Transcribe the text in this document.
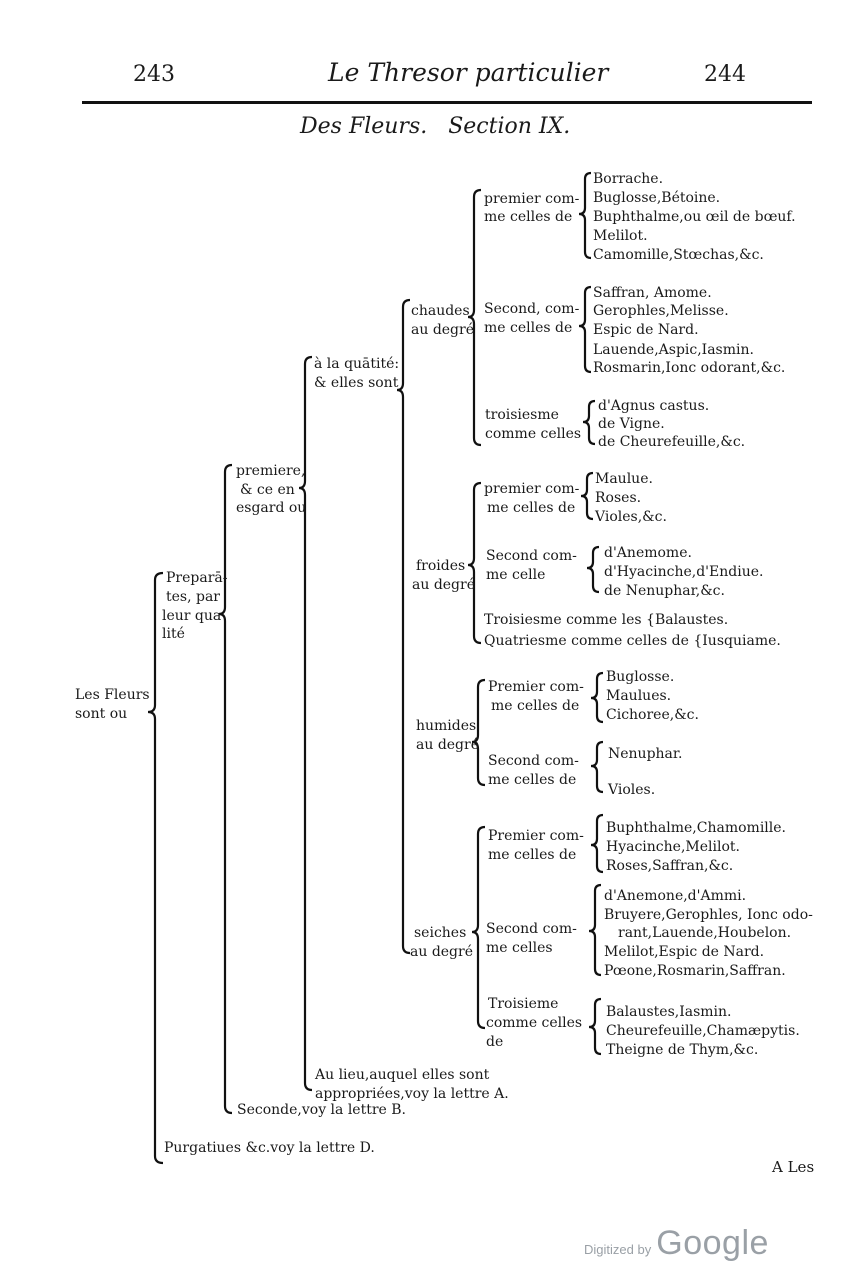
243	Le Thresor particulier	244
Des Fleurs.   Section IX.
Les Fleurs
sont ou
Preparā-
tes, par
leur qua
lité
premiere,
& ce en
esgard ou
à la quātité:
& elles sont
chaudes
au degré
premier com-
me celles de
Borrache.
Buglosse,Bétoine.
Buphthalme,ou œil de bœuf.
Melilot.
Camomille,Stœchas,&c.
Second, com-
me celles de
Saffran, Amome.
Gerophles,Melisse.
Espic de Nard.
Lauende,Aspic,Iasmin.
Rosmarin,Ionc odorant,&c.
troisiesme
comme celles
d'Agnus castus.
de Vigne.
de Cheurefeuille,&c.
froides
au degré
premier com-
me celles de
Maulue.
Roses.
Violes,&c.
Second com-
me celle
d'Anemome.
d'Hyacinche,d'Endiue.
de Nenuphar,&c.
Troisiesme comme les {Balaustes.
Quatriesme comme celles de {Iusquiame.
humides
au degré
Premier com-
me celles de
Buglosse.
Maulues.
Cichoree,&c.
Second com-
me celles de
Nenuphar.
Violes.
seiches
au degré
Premier com-
me celles de
Buphthalme,Chamomille.
Hyacinche,Melilot.
Roses,Saffran,&c.
Second com-
me celles
d'Anemone,d'Ammi.
Bruyere,Gerophles, Ionc odo-
rant,Lauende,Houbelon.
Melilot,Espic de Nard.
Pœone,Rosmarin,Saffran.
Troisieme
comme celles
de
Balaustes,Iasmin.
Cheurefeuille,Chamæpytis.
Theigne de Thym,&c.
Au lieu,auquel elles sont
appropriées,voy la lettre A.
Seconde,voy la lettre B.
Purgatiues &c.voy la lettre D.
A Les
Digitized by Google
